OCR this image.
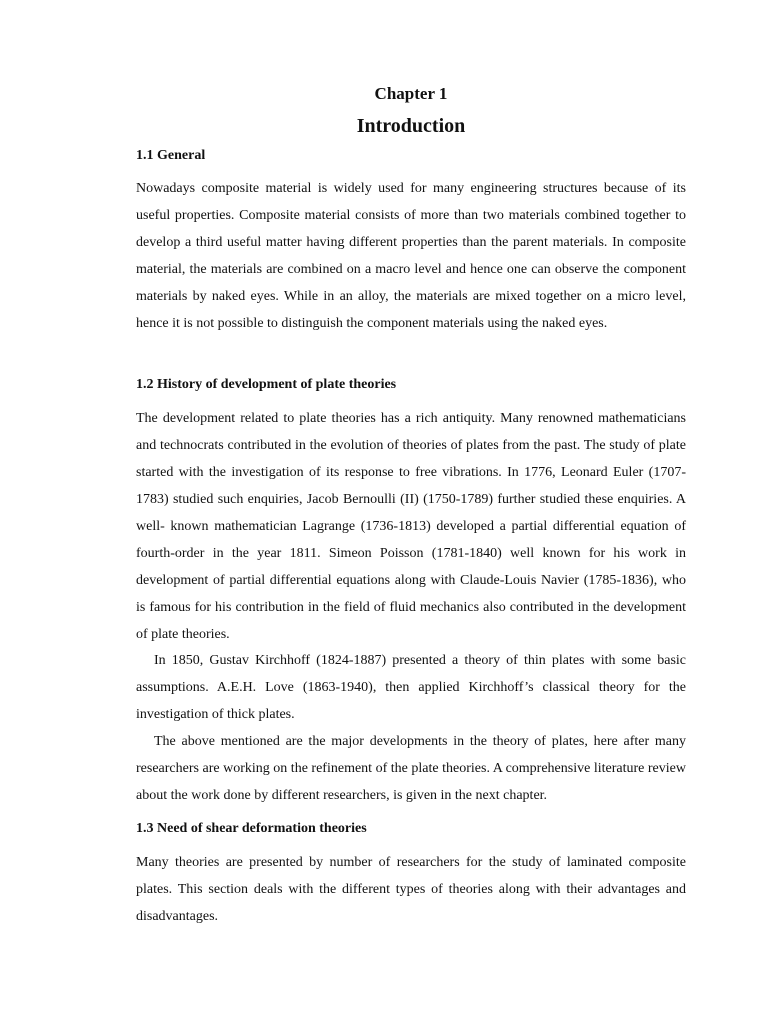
Chapter 1
Introduction
1.1 General

Nowadays composite material is widely used for many engineering structures because of its useful properties. Composite material consists of more than two materials combined together to develop a third useful matter having different properties than the parent materials. In composite material, the materials are combined on a macro level and hence one can observe the component materials by naked eyes. While in an alloy, the materials are mixed together on a micro level, hence it is not possible to distinguish the component materials using the naked eyes.

1.2 History of development of plate theories

The development related to plate theories has a rich antiquity. Many renowned mathematicians and technocrats contributed in the evolution of theories of plates from the past. The study of plate started with the investigation of its response to free vibrations. In 1776, Leonard Euler (1707-1783) studied such enquiries, Jacob Bernoulli (II) (1750-1789) further studied these enquiries. A well- known mathematician Lagrange (1736-1813) developed a partial differential equation of fourth-order in the year 1811. Simeon Poisson (1781-1840) well known for his work in development of partial differential equations along with Claude-Louis Navier (1785-1836), who is famous for his contribution in the field of fluid mechanics also contributed in the development of plate theories.

In 1850, Gustav Kirchhoff (1824-1887) presented a theory of thin plates with some basic assumptions. A.E.H. Love (1863-1940), then applied Kirchhoff’s classical theory for the investigation of thick plates.

The above mentioned are the major developments in the theory of plates, here after many researchers are working on the refinement of the plate theories. A comprehensive literature review about the work done by different researchers, is given in the next chapter.

1.3 Need of shear deformation theories

Many theories are presented by number of researchers for the study of laminated composite plates. This section deals with the different types of theories along with their advantages and disadvantages.
